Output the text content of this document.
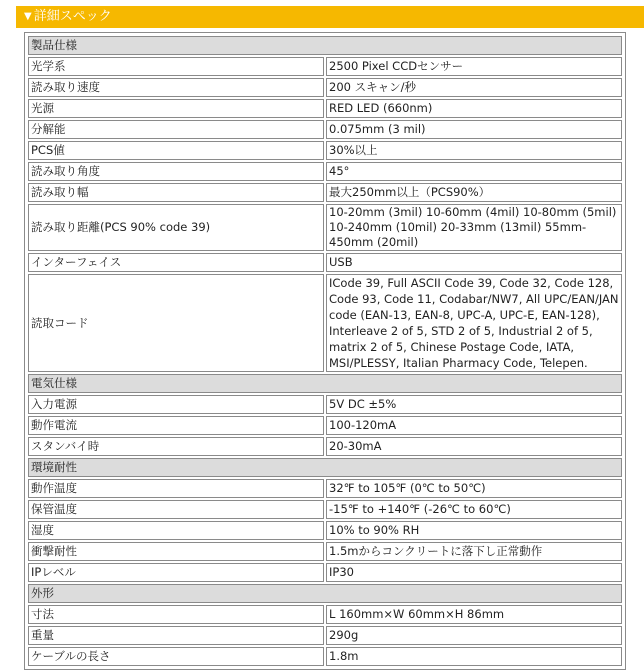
▼ 詳細スペック
製品仕様	
光学系	2500 Pixel CCDセンサー
読み取り速度	200 スキャン/秒
光源	RED LED (660nm)
分解能	0.075mm (3 mil)
PCS値	30%以上
読み取り角度	45°
読み取り幅	最大250mm以上（PCS90%）
読み取り距離(PCS 90% code 39)	10-20mm (3mil) 10-60mm (4mil) 10-80mm (5mil) 10-240mm (10mil) 20-33mm (13mil) 55mm-450mm (20mil)
インターフェイス	USB
読取コード	ICode 39, Full ASCII Code 39, Code 32, Code 128, Code 93, Code 11, Codabar/NW7, All UPC/EAN/JAN code (EAN-13, EAN-8, UPC-A, UPC-E, EAN-128), Interleave 2 of 5, STD 2 of 5, Industrial 2 of 5, matrix 2 of 5, Chinese Postage Code, IATA, MSI/PLESSY, Italian Pharmacy Code, Telepen.
電気仕様	
入力電源	5V DC ±5%
動作電流	100-120mA
スタンバイ時	20-30mA
環境耐性	
動作温度	32℉ to 105℉ (0℃ to 50℃)
保管温度	-15℉ to +140℉ (-26℃ to 60℃)
湿度	10% to 90% RH
衝撃耐性	1.5mからコンクリートに落下し正常動作
IPレベル	IP30
外形	
寸法	L 160mm×W 60mm×H 86mm
重量	290g
ケーブルの長さ	1.8m
